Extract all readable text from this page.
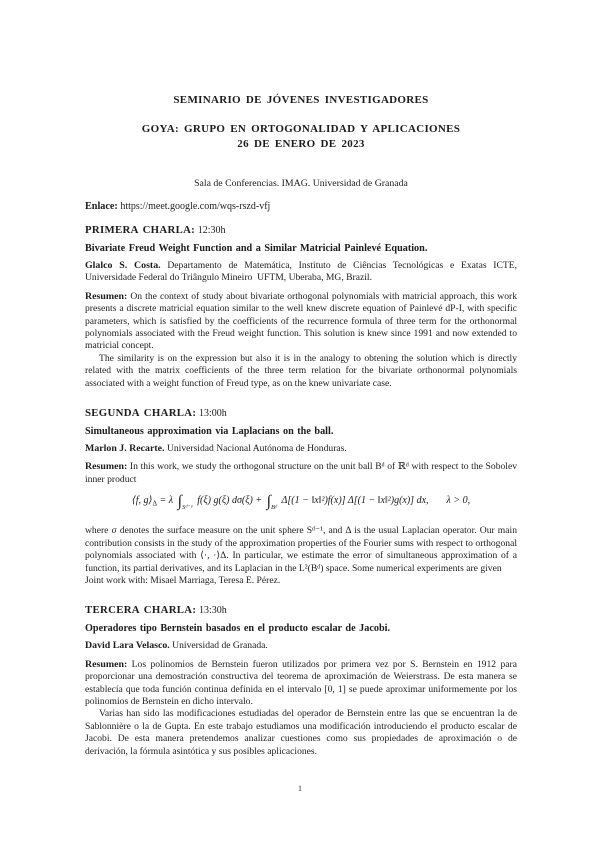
SEMINARIO DE JÓVENES INVESTIGADORES
GOYA: GRUPO EN ORTOGONALIDAD Y APLICACIONES
26 DE ENERO DE 2023

Sala de Conferencias. IMAG. Universidad de Granada

Enlace: https://meet.google.com/wqs-rszd-vfj

PRIMERA CHARLA: 12:30h

Bivariate Freud Weight Function and a Similar Matricial Painlevé Equation.

Glalco S. Costa. Departamento de Matemática, Instituto de Ciências Tecnológicas e Exatas ICTE, Universidade Federal do Triângulo Mineiro UFTM, Uberaba, MG, Brazil.

Resumen: On the context of study about bivariate orthogonal polynomials with matricial approach, this work presents a discrete matricial equation similar to the well knew discrete equation of Painlevé dP-I, with specific parameters, which is satisfied by the coefficients of the recurrence formula of three term for the orthonormal polynomials associated with the Freud weight function. This solution is knew since 1991 and now extended to matricial concept.

The similarity is on the expression but also it is in the analogy to obtening the solution which is directly related with the matrix coefficients of the three term relation for the bivariate orthonormal polynomials associated with a weight function of Freud type, as on the knew univariate case.

SEGUNDA CHARLA: 13:00h

Simultaneous approximation via Laplacians on the ball.

Marlon J. Recarte. Universidad Nacional Autónoma de Honduras.

Resumen: In this work, we study the orthogonal structure on the unit ball Bᵈ of ℝᵈ with respect to the Sobolev inner product

⟨f, $g⟩_\Delta = \lambda$ $\int_{Sᵈ^{-1}}$ f(ξ) g(ξ) $d\sigma(\xi) + \int_{Bᵈ}$ Δ[(1 − ‖x‖²)f(x)] Δ[(1 − ‖x‖²)g(x)] dx, λ > 0,

where σ denotes the surface measure on the unit sphere Sᵈ⁻¹, and Δ is the usual Laplacian operator. Our main contribution consists in the study of the approximation properties of the Fourier sums with respect to orthogonal polynomials associated with ⟨·, ·⟩Δ. In particular, we estimate the error of simultaneous approximation of a function, its partial derivatives, and its Laplacian in the L²(Bᵈ) space. Some numerical experiments are given

Joint work with: Misael Marriaga, Teresa E. Pérez.

TERCERA CHARLA: 13:30h

Operadores tipo Bernstein basados en el producto escalar de Jacobi.

David Lara Velasco. Universidad de Granada.

Resumen: Los polinomios de Bernstein fueron utilizados por primera vez por S. Bernstein en 1912 para proporcionar una demostración constructiva del teorema de aproximación de Weierstrass. De esta manera se establecía que toda función continua definida en el intervalo [0, 1] se puede aproximar uniformemente por los polinomios de Bernstein en dicho intervalo.

Varias han sido las modificaciones estudiadas del operador de Bernstein entre las que se encuentran la de Sablonnière o la de Gupta. En este trabajo estudiamos una modificación introduciendo el producto escalar de Jacobi. De esta manera pretendemos analizar cuestiones como sus propiedades de aproximación o de derivación, la fórmula asintótica y sus posibles aplicaciones.

1
